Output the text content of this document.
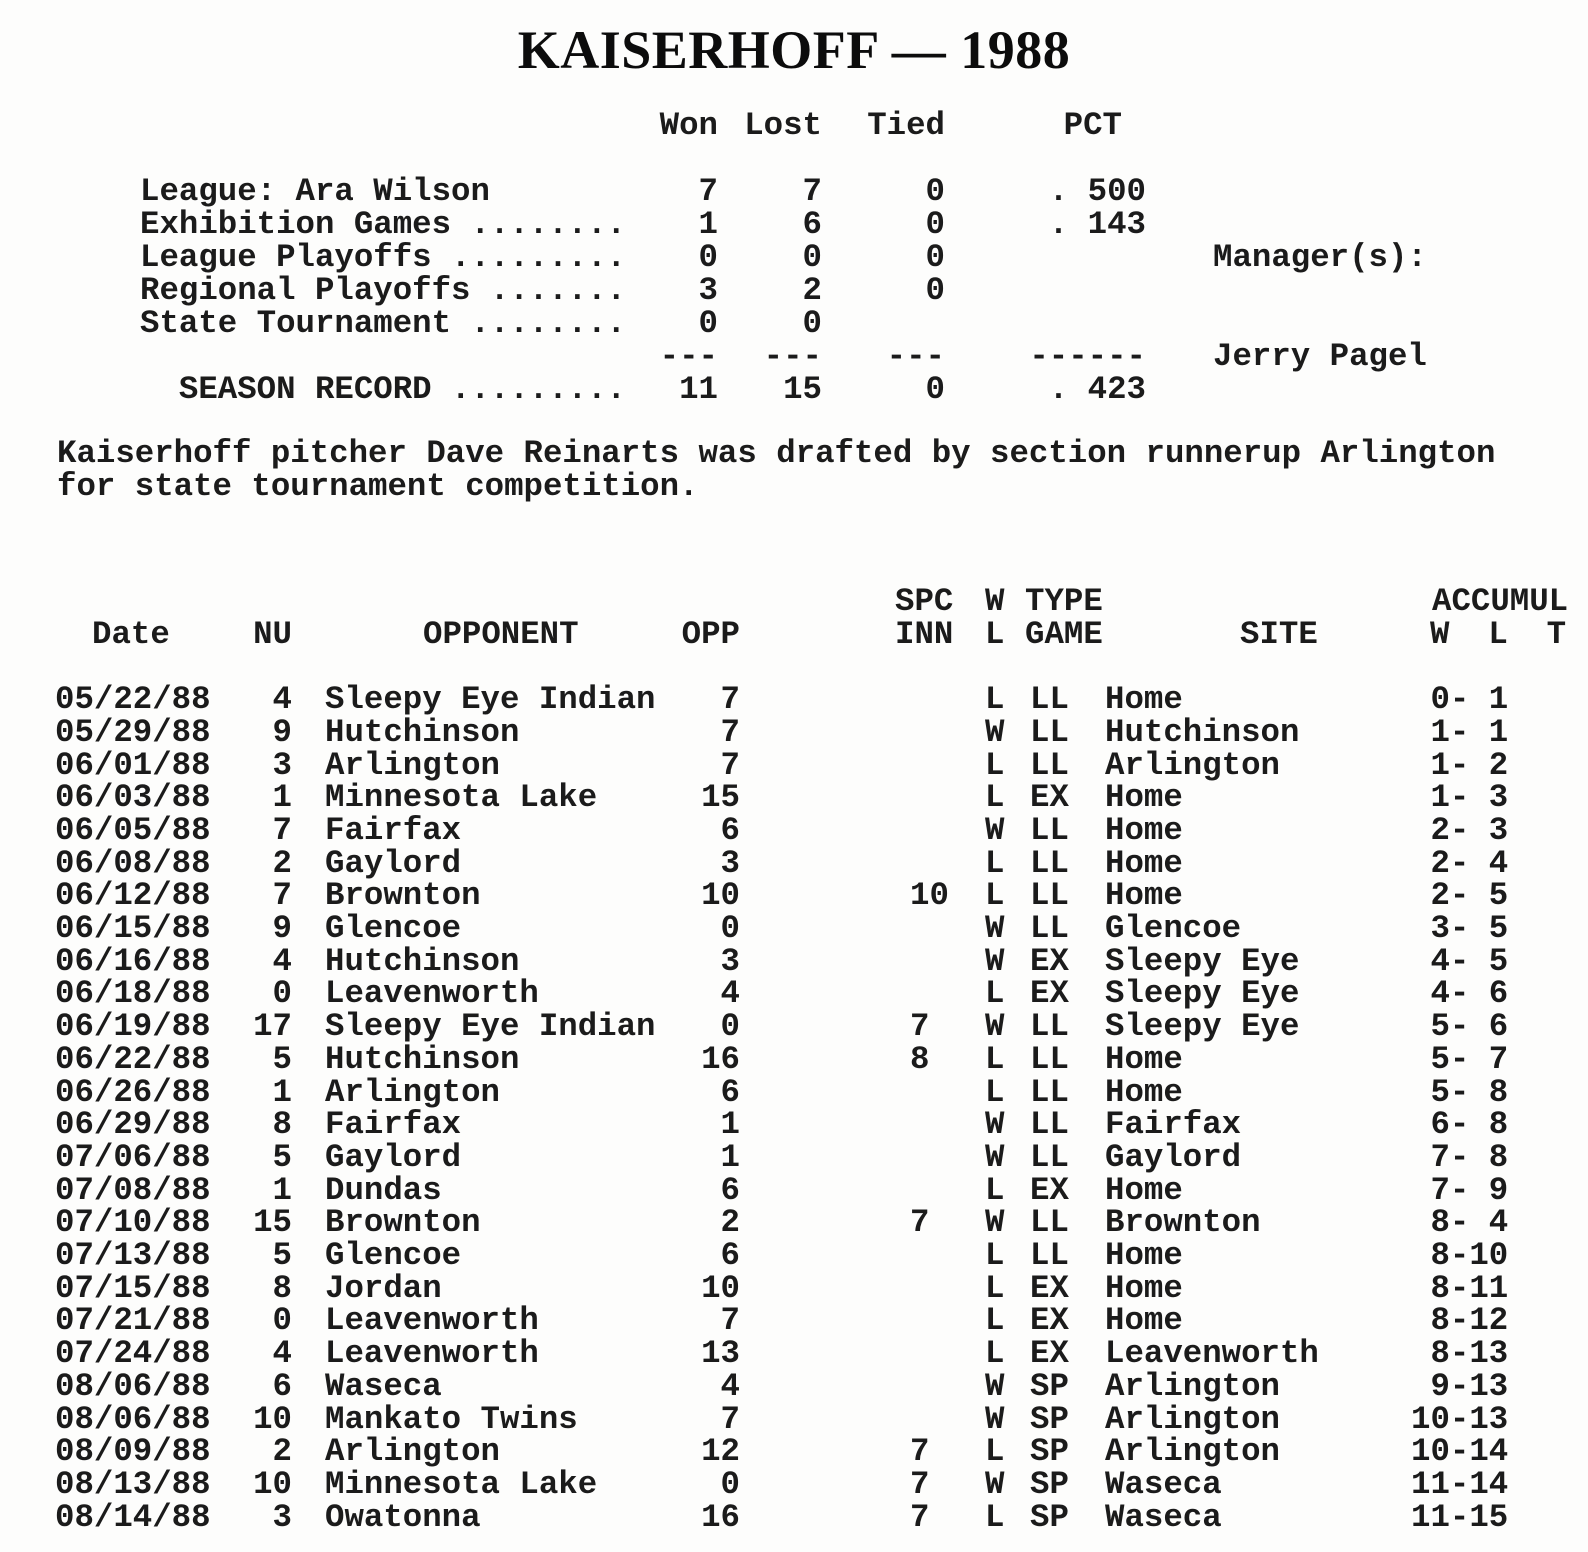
KAISERHOFF — 1988
	Won	Lost	Tied	PCT

League: Ara Wilson	7	7	0	. 500
Exhibition Games ........	1	6	0	. 143
League Playoffs .........	0	0	0	
Regional Playoffs .......	3	2	0	
State Tournament ........	0	0		
	---	---	---	------
SEASON RECORD .........	11	15	0	. 423

Manager(s):

Jerry Pagel

Kaiserhoff pitcher Dave Reinarts was drafted by section runnerup Arlington for state tournament competition.

				SPC	W	TYPE		ACCUMUL
Date	NU	OPPONENT	OPP	INN	L	GAME	SITE	W  L  T

05/22/88	4	Sleepy Eye Indian	7		L	LL	Home	0- 1
05/29/88	9	Hutchinson	7		W	LL	Hutchinson	1- 1
06/01/88	3	Arlington	7		L	LL	Arlington	1- 2
06/03/88	1	Minnesota Lake	15		L	EX	Home	1- 3
06/05/88	7	Fairfax	6		W	LL	Home	2- 3
06/08/88	2	Gaylord	3		L	LL	Home	2- 4
06/12/88	7	Brownton	10	10	L	LL	Home	2- 5
06/15/88	9	Glencoe	0		W	LL	Glencoe	3- 5
06/16/88	4	Hutchinson	3		W	EX	Sleepy Eye	4- 5
06/18/88	0	Leavenworth	4		L	EX	Sleepy Eye	4- 6
06/19/88	17	Sleepy Eye Indian	0	7	W	LL	Sleepy Eye	5- 6
06/22/88	5	Hutchinson	16	8	L	LL	Home	5- 7
06/26/88	1	Arlington	6		L	LL	Home	5- 8
06/29/88	8	Fairfax	1		W	LL	Fairfax	6- 8
07/06/88	5	Gaylord	1		W	LL	Gaylord	7- 8
07/08/88	1	Dundas	6		L	EX	Home	7- 9
07/10/88	15	Brownton	2	7	W	LL	Brownton	8- 4
07/13/88	5	Glencoe	6		L	LL	Home	8-10
07/15/88	8	Jordan	10		L	EX	Home	8-11
07/21/88	0	Leavenworth	7		L	EX	Home	8-12
07/24/88	4	Leavenworth	13		L	EX	Leavenworth	8-13
08/06/88	6	Waseca	4		W	SP	Arlington	9-13
08/06/88	10	Mankato Twins	7		W	SP	Arlington	10-13
08/09/88	2	Arlington	12	7	L	SP	Arlington	10-14
08/13/88	10	Minnesota Lake	0	7	W	SP	Waseca	11-14
08/14/88	3	Owatonna	16	7	L	SP	Waseca	11-15
